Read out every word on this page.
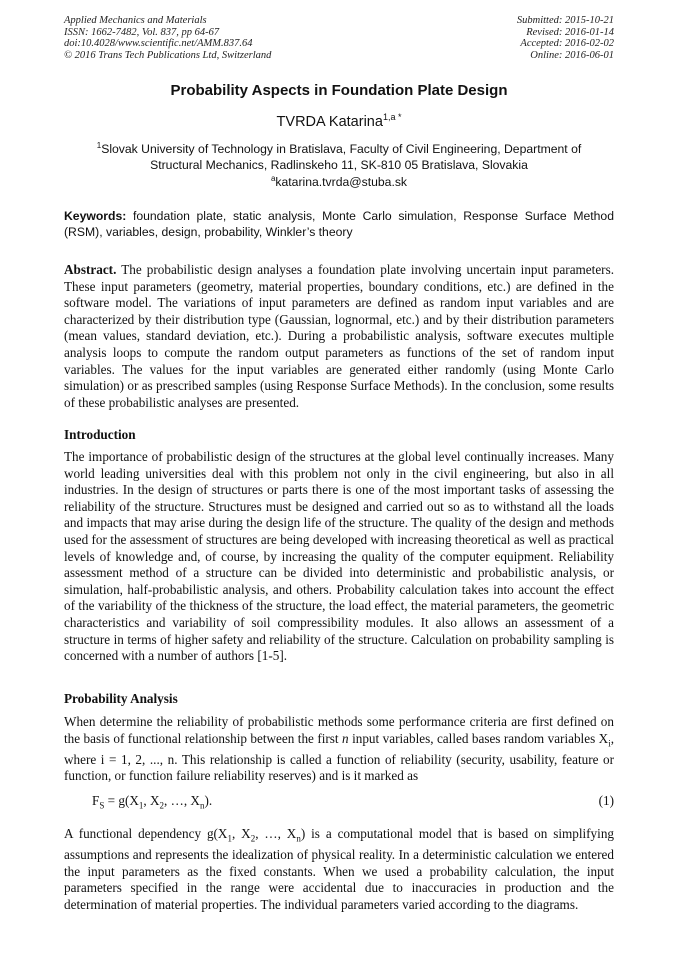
Applied Mechanics and Materials
ISSN: 1662-7482, Vol. 837, pp 64-67
doi:10.4028/www.scientific.net/AMM.837.64
© 2016 Trans Tech Publications Ltd, Switzerland
Submitted: 2015-10-21
Revised: 2016-01-14
Accepted: 2016-02-02
Online: 2016-06-01
Probability Aspects in Foundation Plate Design
TVRDA Katarina$^{1,a *}$
$^1$Slovak University of Technology in Bratislava, Faculty of Civil Engineering, Department of Structural Mechanics, Radlinskeho 11, SK-810 05 Bratislava, Slovakia
$^a$katarina.tvrda@stuba.sk
Keywords: foundation plate, static analysis, Monte Carlo simulation, Response Surface Method (RSM), variables, design, probability, Winkler’s theory
Abstract. The probabilistic design analyses a foundation plate involving uncertain input parameters. These input parameters (geometry, material properties, boundary conditions, etc.) are defined in the software model. The variations of input parameters are defined as random input variables and are characterized by their distribution type (Gaussian, lognormal, etc.) and by their distribution parameters (mean values, standard deviation, etc.). During a probabilistic analysis, software executes multiple analysis loops to compute the random output parameters as functions of the set of random input variables. The values for the input variables are generated either randomly (using Monte Carlo simulation) or as prescribed samples (using Response Surface Methods). In the conclusion, some results of these probabilistic analyses are presented.
Introduction
The importance of probabilistic design of the structures at the global level continually increases. Many world leading universities deal with this problem not only in the civil engineering, but also in all industries. In the design of structures or parts there is one of the most important tasks of assessing the reliability of the structure. Structures must be designed and carried out so as to withstand all the loads and impacts that may arise during the design life of the structure. The quality of the design and methods used for the assessment of structures are being developed with increasing theoretical as well as practical levels of knowledge and, of course, by increasing the quality of the computer equipment. Reliability assessment method of a structure can be divided into deterministic and probabilistic analysis, or simulation, half-probabilistic analysis, and others. Probability calculation takes into account the effect of the variability of the thickness of the structure, the load effect, the material parameters, the geometric characteristics and variability of soil compressibility modules. It also allows an assessment of a structure in terms of higher safety and reliability of the structure. Calculation on probability sampling is concerned with a number of authors [1-5].
Probability Analysis
When determine the reliability of probabilistic methods some performance criteria are first defined on the basis of functional relationship between the first n input variables, called bases random variables $X_i$, where i = 1, 2, ..., n. This relationship is called a function of reliability (security, usability, feature or function, or function failure reliability reserves) and is it marked as
$F_S = g(X_1$, $X_2$, …, $X_n$).	(1)
A functional dependency $g(X_1$, $X_2$, …, $X_n$) is a computational model that is based on simplifying assumptions and represents the idealization of physical reality. In a deterministic calculation we entered the input parameters as the fixed constants. When we used a probability calculation, the input parameters specified in the range were accidental due to inaccuracies in production and the determination of material properties. The individual parameters varied according to the diagrams.
